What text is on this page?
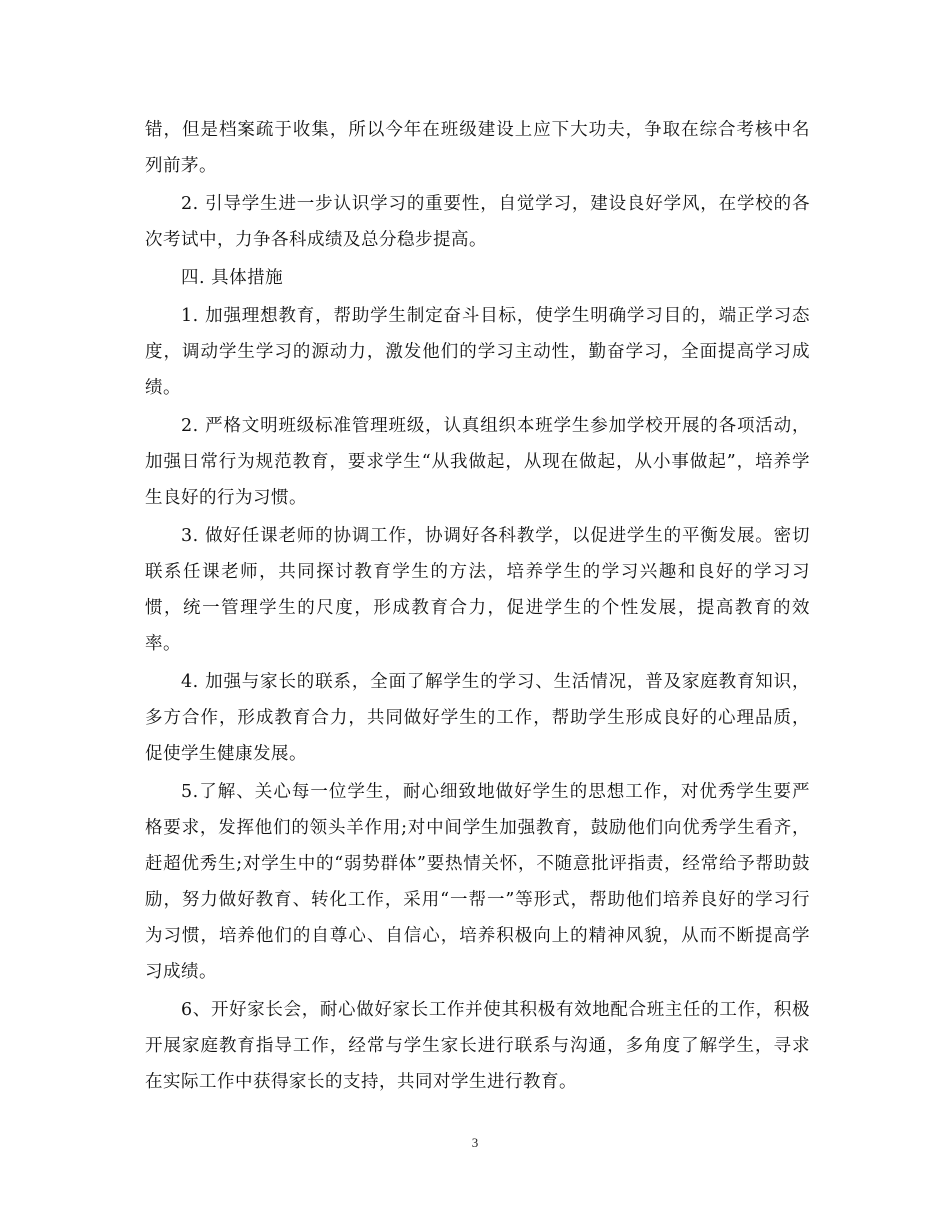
错，但是档案疏于收集，所以今年在班级建设上应下大功夫，争取在综合考核中名列前茅。

2. 引导学生进一步认识学习的重要性，自觉学习，建设良好学风，在学校的各次考试中，力争各科成绩及总分稳步提高。

四. 具体措施

1. 加强理想教育，帮助学生制定奋斗目标，使学生明确学习目的，端正学习态度，调动学生学习的源动力，激发他们的学习主动性，勤奋学习，全面提高学习成绩。

2. 严格文明班级标准管理班级，认真组织本班学生参加学校开展的各项活动，加强日常行为规范教育，要求学生“从我做起，从现在做起，从小事做起”，培养学生良好的行为习惯。

3. 做好任课老师的协调工作，协调好各科教学，以促进学生的平衡发展。密切联系任课老师，共同探讨教育学生的方法，培养学生的学习兴趣和良好的学习习惯，统一管理学生的尺度，形成教育合力，促进学生的个性发展，提高教育的效率。

4. 加强与家长的联系，全面了解学生的学习、生活情况，普及家庭教育知识，多方合作，形成教育合力，共同做好学生的工作，帮助学生形成良好的心理品质，促使学生健康发展。

5.了解、关心每一位学生，耐心细致地做好学生的思想工作，对优秀学生要严格要求，发挥他们的领头羊作用;对中间学生加强教育，鼓励他们向优秀学生看齐，赶超优秀生;对学生中的“弱势群体”要热情关怀，不随意批评指责，经常给予帮助鼓励，努力做好教育、转化工作，采用“一帮一”等形式，帮助他们培养良好的学习行为习惯，培养他们的自尊心、自信心，培养积极向上的精神风貌，从而不断提高学习成绩。

6、开好家长会，耐心做好家长工作并使其积极有效地配合班主任的工作，积极开展家庭教育指导工作，经常与学生家长进行联系与沟通，多角度了解学生，寻求在实际工作中获得家长的支持，共同对学生进行教育。

3
